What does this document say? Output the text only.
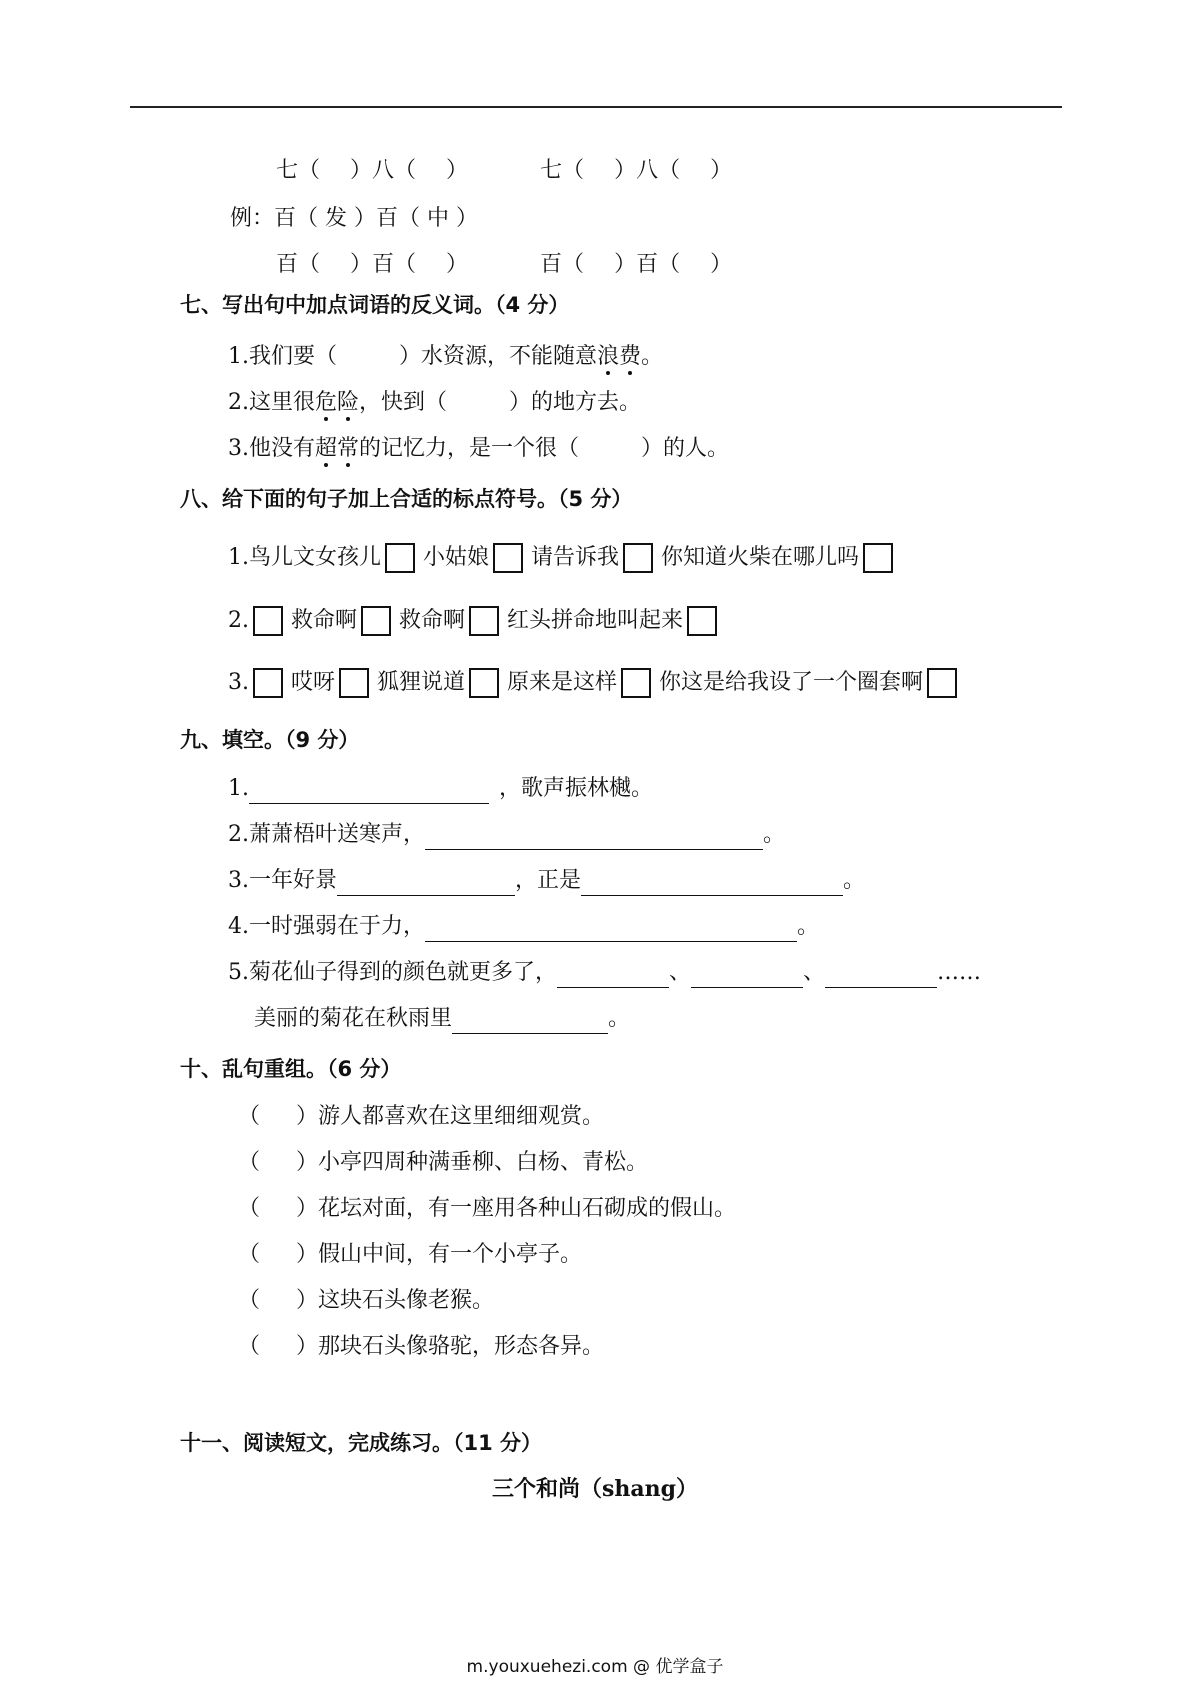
七（ ）八（ ）	七（ ）八（ ）
例：百（ 发 ）百（ 中 ）
百（ ）百（ ）	百（ ）百（ ）
七、写出句中加点词语的反义词。（4 分）
1.我们要（	）水资源，不能随意浪费。
2.这里很危险，快到（	）的地方去。
3.他没有超常的记忆力，是一个很（	）的人。
八、给下面的句子加上合适的标点符号。（5 分）
1. 鸟儿文女孩儿 小姑娘 请告诉我 你知道火柴在哪儿吗
2. 救命啊 救命啊 红头拼命地叫起来
3. 哎呀 狐狸说道 原来是这样 你这是给我设了一个圈套啊
九、填空。（9 分）
1.	，歌声振林樾。
2.萧萧梧叶送寒声，	。
3.一年好景	，正是	。
4.一时强弱在于力，	。
5.菊花仙子得到的颜色就更多了，	、	、	……
美丽的菊花在秋雨里	。
十、乱句重组。（6 分）
（ ）游人都喜欢在这里细细观赏。
（ ）小亭四周种满垂柳、白杨、青松。
（ ）花坛对面，有一座用各种山石砌成的假山。
（ ）假山中间，有一个小亭子。
（ ）这块石头像老猴。
（ ）那块石头像骆驼，形态各异。
十一、阅读短文，完成练习。（11 分）
三个和尚（shang）
m.youxuehezi.com @ 优学盒子
